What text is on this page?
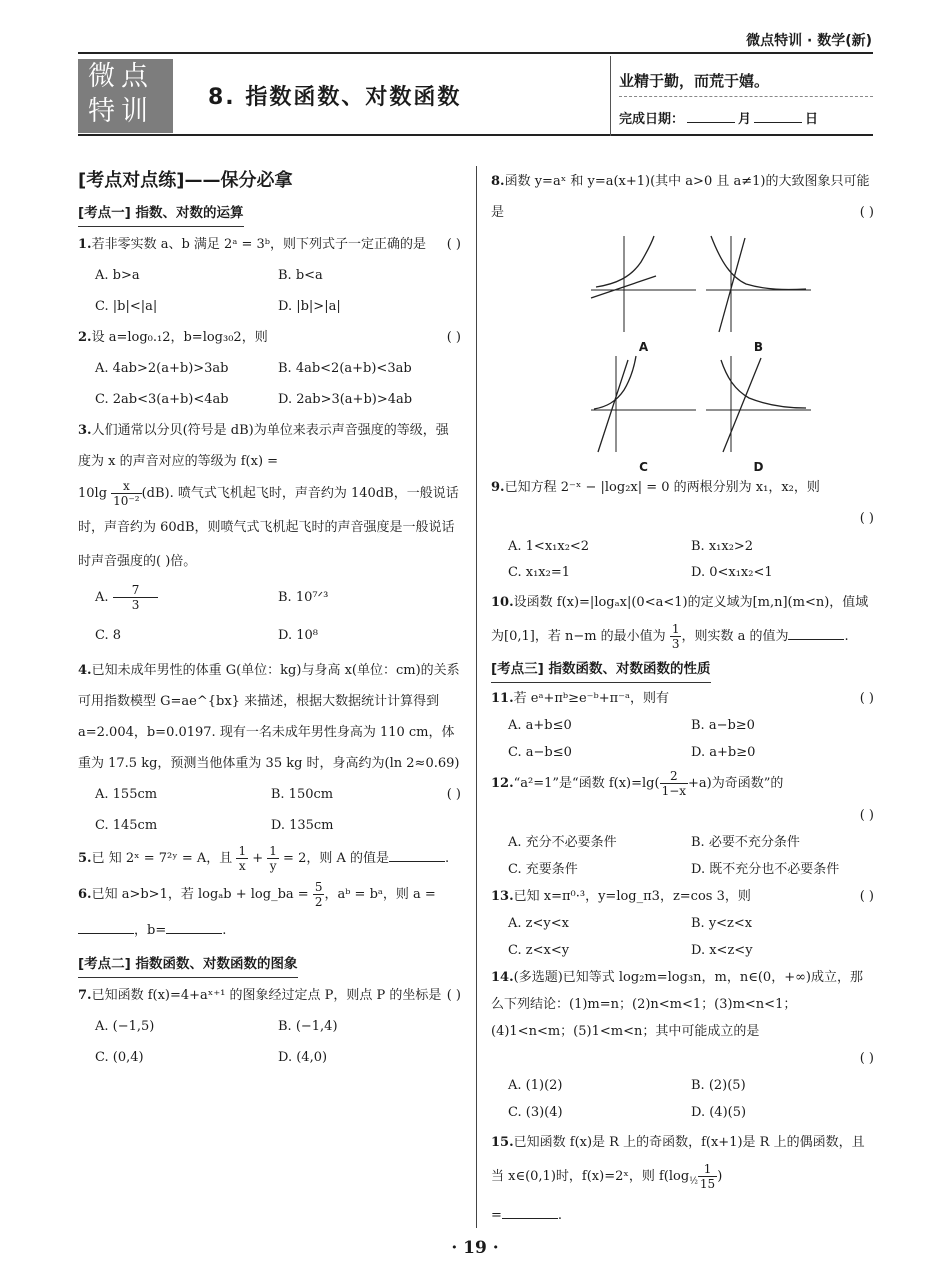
微点特训 · 数学(新)
微点
特训	8. 指数函数、对数函数
业精于勤，而荒于嬉。
完成日期：	月	日
[考点对点练]——保分必拿
[考点一] 指数、对数的运算
1.若非零实数 a、b 满足 2ᵃ = 3ᵇ，则下列式子一定正确的是 ( )
A. b>a	B. b<a
C. |b|<|a|	D. |b|>|a|
2.设 a=log₀.₁2，b=log₃₀2，则	( )
A. 4ab>2(a+b)>3ab	B. 4ab<2(a+b)<3ab
C. 2ab<3(a+b)<4ab	D. 2ab>3(a+b)>4ab
3.人们通常以分贝(符号是 dB)为单位来表示声音强度的等级，强度为 x 的声音对应的等级为 f(x) =
$10\lg \frac{x}{\text{10⁻²}} (dB)$. 喷气式飞机起飞时，声音约为 140dB，一般说话时，声音约为 60dB，则喷气式飞机起飞时的声音强度是一般说话时声音强度的( )倍。
A. $\frac{7}{3}$	B. 10⁷ᐟ³
C. 8	D. 10⁸
4.已知未成年男性的体重 G(单位：kg)与身高 x(单位：cm)的关系可用指数模型 G=ae^{bx} 来描述，根据大数据统计计算得到 a=2.004，b=0.0197. 现有一名未成年男性身高为 110 cm，体重为 17.5 kg，预测当他体重为 35 kg 时，身高约为(ln 2≈0.69)
( )
A. 155cm	B. 150cm
C. 145cm	D. 135cm
5.已 知 2ˣ = 7²ʸ = A，且 $\frac{1}{x} + \frac{1}{y} = 2$，则 A 的值是	.
6.已知 a>b>1，若 logₐb + log_ba = $\frac{5}{2}$ ，aᵇ = bᵃ，则 a =
，b=	.
[考点二] 指数函数、对数函数的图象
7.已知函数 f(x)=4+aˣ⁺¹ 的图象经过定点 P，则点 P 的坐标是 ( )
A. (−1,5)	B. (−1,4)
C. (0,4)	D. (4,0)
8.函数 y=aˣ 和 y=a(x+1)(其中 a>0 且 a≠1)的大致图象只可能是	( )
A	B
C	D
9.已知方程 2⁻ˣ − |log₂x| = 0 的两根分别为 x₁，x₂，则
( )
A. 1<x₁x₂<2	B. x₁x₂>2
C. x₁x₂=1	D. 0<x₁x₂<1
10.设函数 f(x)=|logₐx|(0<a<1)的定义域为[m,n](m<n)，值域为[0,1]，若 n−m 的最小值为 $\frac{1}{3}$ ，则实数 a 的值为	.
[考点三] 指数函数、对数函数的性质
11.若 eᵃ+πᵇ≥e⁻ᵇ+π⁻ᵃ，则有	( )
A. a+b≤0	B. a−b≥0
C. a−b≤0	D. a+b≥0
12.“a²=1”是“函数 $f(x)=\lg( \frac{2}{1-x} +a)$为奇函数”的
( )
A. 充分不必要条件	B. 必要不充分条件
C. 充要条件	D. 既不充分也不必要条件
13.已知 x=π⁰·³，y=log_π3，z=cos 3，则	( )
A. z<y<x	B. y<z<x
C. z<x<y	D. x<z<y
14.(多选题)已知等式 log₂m=log₃n，m，n∈(0，+∞)成立，那么下列结论：(1)m=n；(2)n<m<1；(3)m<n<1；(4)1<n<m；(5)1<m<n；其中可能成立的是
( )
A. (1)(2)	B. (2)(5)
C. (3)(4)	D. (4)(5)
15.已知函数 f(x)是 R 上的奇函数，f(x+1)是 R 上的偶函数，且当 x∈(0,1)时，f(x)=2ˣ，则 $f(\log_{\frac{1}{2}} \frac{1}{15}$ )
=	.
· 19 ·
